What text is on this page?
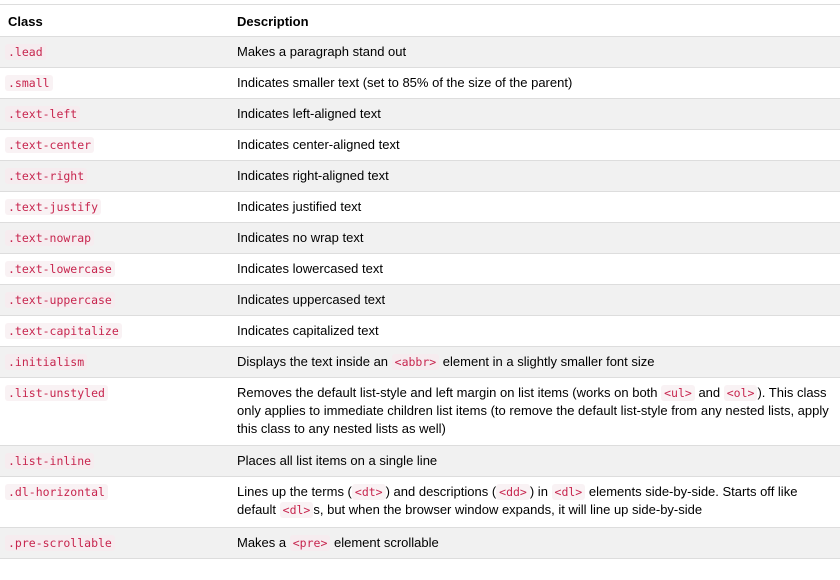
Class	Description
.lead	Makes a paragraph stand out
.small	Indicates smaller text (set to 85% of the size of the parent)
.text-left	Indicates left-aligned text
.text-center	Indicates center-aligned text
.text-right	Indicates right-aligned text
.text-justify	Indicates justified text
.text-nowrap	Indicates no wrap text
.text-lowercase	Indicates lowercased text
.text-uppercase	Indicates uppercased text
.text-capitalize	Indicates capitalized text
.initialism	Displays the text inside an <abbr> element in a slightly smaller font size
.list-unstyled	Removes the default list-style and left margin on list items (works on both <ul> and <ol> ). This class only applies to immediate children list items (to remove the default list-style from any nested lists, apply this class to any nested lists as well)
.list-inline	Places all list items on a single line
.dl-horizontal	Lines up the terms ( <dt> ) and descriptions ( <dd> ) in <dl> elements side-by-side. Starts off like default <dl> s, but when the browser window expands, it will line up side-by-side
.pre-scrollable	Makes a <pre> element scrollable
